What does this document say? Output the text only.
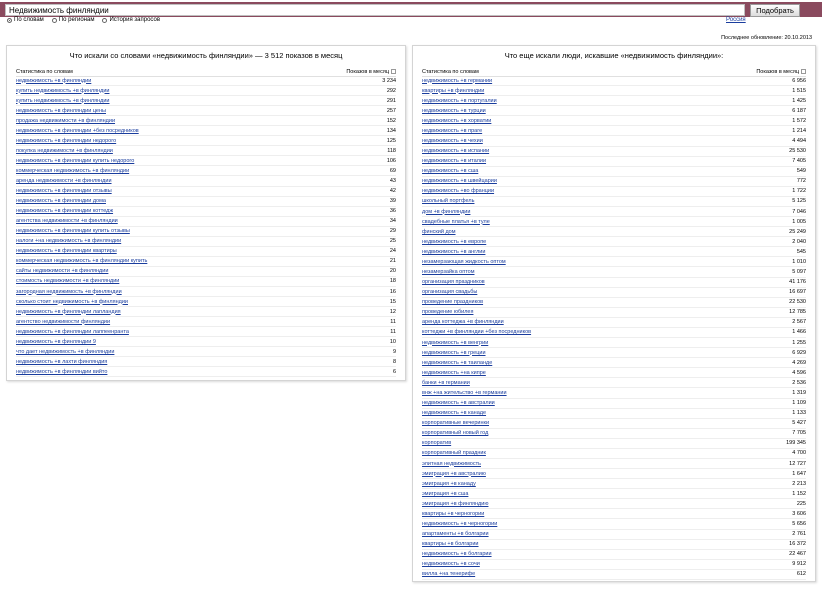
Недвижимость финляндии
Подобрать
Россия
По словам	По регионам	История запросов
Последнее обновление: 20.10.2013
Что искали со словами «недвижимость финляндии» — 3 512 показов в месяц
Статистика по словам	Показов в месяц
недвижимость +в финляндии	3 234
купить недвижимость +в финляндии	292
купить недвижимость +в финляндии	291
недвижимость +в финляндии цены	257
продажа недвижимости +в финляндии	152
недвижимость +в финляндии +без посредников	134
недвижимость +в финляндии недорого	125
покупка недвижимости +в финляндии	118
недвижимость +в финляндии купить недорого	106
коммерческая недвижимость +в финляндии	69
аренда недвижимости +в финляндии	43
недвижимость +в финляндии отзывы	42
недвижимость +в финляндии дома	39
недвижимость +в финляндии коттедж	36
агентства недвижимости +в финляндии	34
недвижимость +в финляндии купить отзывы	29
налоги +на недвижимость +в финляндии	25
недвижимость +в финляндии квартиры	24
коммерческая недвижимость +в финляндии купить	21
сайты недвижимости +в финляндии	20
стоимость недвижимости +в финляндии	18
загородная недвижимость +в финляндии	16
сколько стоит недвижимость +в финляндии	15
недвижимость +в финляндии лапландия	12
агентство недвижимости финляндии	11
недвижимость +в финляндии лаппеенранта	11
недвижимость +в финляндии 9	10
что дает недвижимость +в финляндии	9
недвижимость +в лахти финляндия	8
недвижимость +в финляндии вийто	6
Что еще искали люди, искавшие «недвижимость финляндии»:
Статистика по словам	Показов в месяц
недвижимость +в германии	6 956
квартиры +в финляндии	1 515
недвижимость +в португалии	1 425
недвижимость +в турции	6 187
недвижимость +в хорватии	1 572
недвижимость +в праге	1 214
недвижимость +в чехии	4 494
недвижимость +в испании	25 530
недвижимость +в италии	7 405
недвижимость +в сша	549
недвижимость +в швейцарии	772
недвижимость +во франции	1 722
школьный портфель	5 125
дом +в финляндии	7 046
свадебные платья +в туле	1 005
финский дом	25 249
недвижимость +в европе	2 040
недвижимость +в англии	545
незамерзающая жидкость оптом	1 010
незамерзайка оптом	5 097
организация праздников	41 176
организация свадьбы	16 697
проведение праздников	22 530
проведение юбилея	12 785
аренда коттеджа +в финляндии	2 567
коттеджи +в финляндии +без посредников	1 466
недвижимость +в венгрии	1 255
недвижимость +в греции	6 929
недвижимость +в таиланде	4 269
недвижимость +на кипре	4 596
банки +в германии	2 536
внж +на жительство +в германии	1 319
недвижимость +в австралии	1 109
недвижимость +в канаде	1 133
корпоративные вечеринки	5 427
корпоративный новый год	7 705
корпоратив	199 345
корпоративный праздник	4 700
элитная недвижимость	12 727
эмиграция +в австралию	1 647
эмиграция +в канаду	2 213
эмиграция +в сша	1 152
эмиграция +в финляндию	225
квартиры +в черногории	3 606
недвижимость +в черногории	5 656
апартаменты +в болгарии	2 761
квартиры +в болгарии	16 372
недвижимость +в болгарии	22 467
недвижимость +в сочи	9 912
вилла +на тенерифе	612
